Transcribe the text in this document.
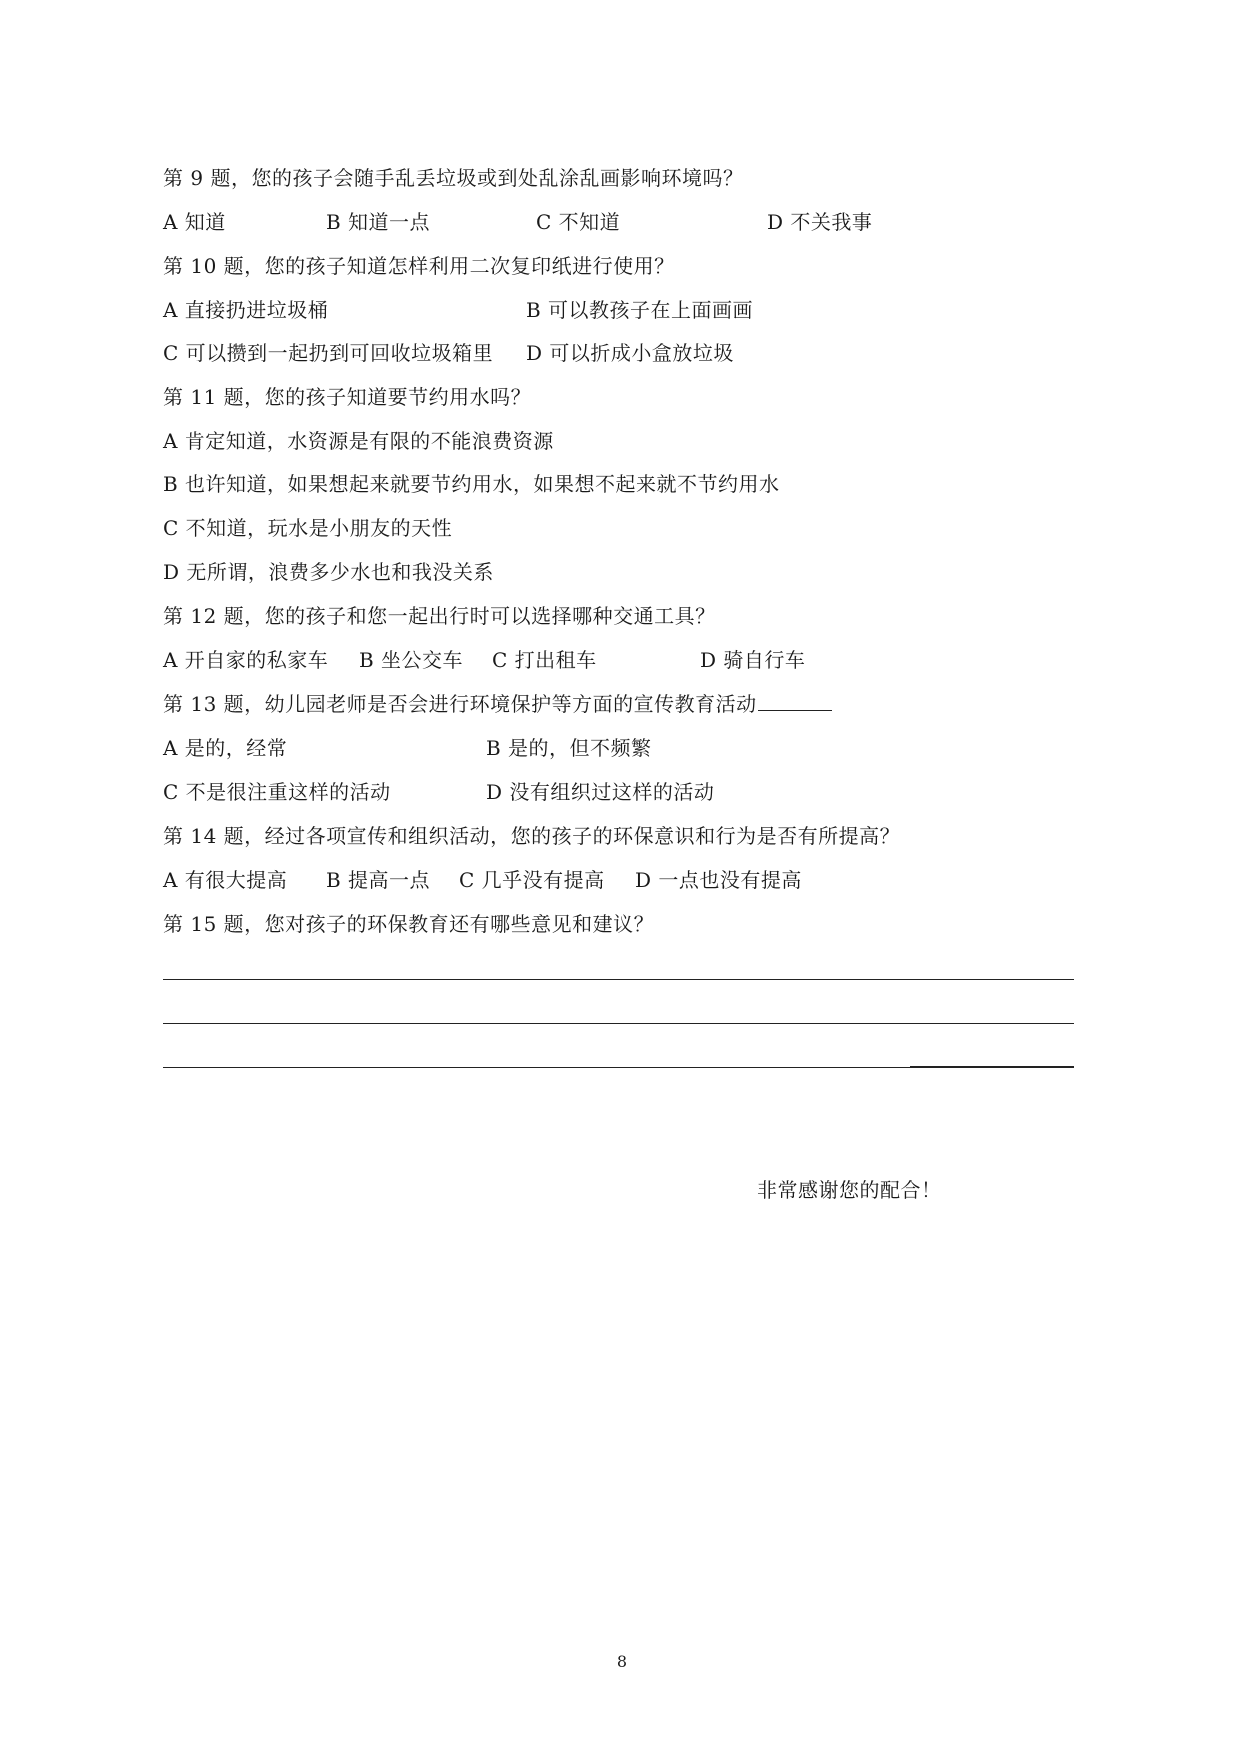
第 9 题，您的孩子会随手乱丢垃圾或到处乱涂乱画影响环境吗？
A 知道	B 知道一点	C 不知道	D 不关我事
第 10 题，您的孩子知道怎样利用二次复印纸进行使用？
A 直接扔进垃圾桶	B 可以教孩子在上面画画
C 可以攒到一起扔到可回收垃圾箱里 D 可以折成小盒放垃圾
第 11 题，您的孩子知道要节约用水吗？
A 肯定知道，水资源是有限的不能浪费资源
B 也许知道，如果想起来就要节约用水，如果想不起来就不节约用水
C 不知道，玩水是小朋友的天性
D 无所谓，浪费多少水也和我没关系
第 12 题，您的孩子和您一起出行时可以选择哪种交通工具？
A 开自家的私家车 B 坐公交车 C 打出租车	D 骑自行车
第 13 题，幼儿园老师是否会进行环境保护等方面的宣传教育活动
A 是的，经常	B 是的，但不频繁
C 不是很注重这样的活动	D 没有组织过这样的活动
第 14 题，经过各项宣传和组织活动，您的孩子的环保意识和行为是否有所提高？
A 有很大提高 B 提高一点 C 几乎没有提高 D 一点也没有提高
第 15 题，您对孩子的环保教育还有哪些意见和建议？
非常感谢您的配合！
8
